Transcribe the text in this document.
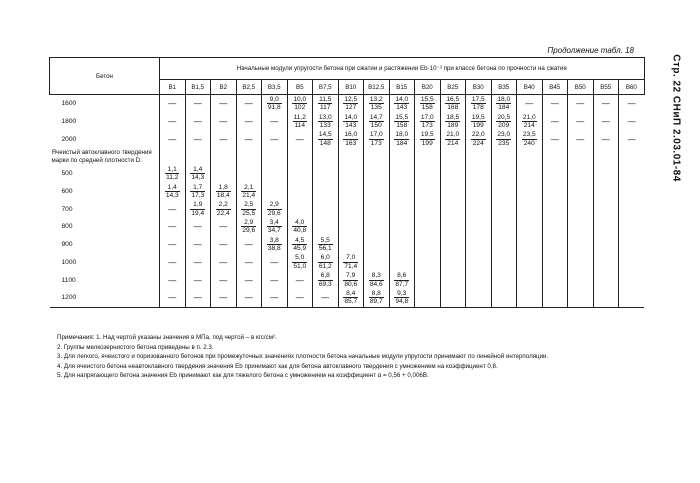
Продолжение табл. 18
Стр. 22 СНиП 2.03.01-84
Бетон	Начальные модули упругости бетона при сжатии и растяжении Eb·10⁻³ при классе бетона по прочности на сжатие																		
	B1	B1,5	B2	B2,5	B3,5	B5	B7,5	B10	B12,5	B15	B20	B25	B30	B35	B40	B45	B50	B55	B60
1600	—	—	—	—	$\frac{9,0}{91,8}$	$\frac{10,0}{102}$	$\frac{11,5}{117}$	$\frac{12,5}{127}$	$\frac{13,2}{135}$	$\frac{14,0}{143}$	$\frac{15,5}{158}$	$\frac{16,5}{168}$	$\frac{17,5}{178}$	$\frac{18,0}{184}$	—	—	—	—	—
1800	—	—	—	—	—	$\frac{11,2}{114}$	$\frac{13,0}{133}$	$\frac{14,0}{143}$	$\frac{14,7}{150}$	$\frac{15,5}{158}$	$\frac{17,0}{173}$	$\frac{18,5}{189}$	$\frac{19,5}{199}$	$\frac{20,5}{209}$	$\frac{21,0}{214}$	—	—	—	—
2000	—	—	—	—	—	—	$\frac{14,5}{148}$	$\frac{16,0}{163}$	$\frac{17,0}{173}$	$\frac{18,0}{184}$	$\frac{19,5}{199}$	$\frac{21,0}{214}$	$\frac{22,0}{224}$	$\frac{23,0}{235}$	$\frac{23,5}{240}$	—	—	—	—
Ячеистый автоклавного твердения марки по средней плотности D:																			
500	$\frac{1,1}{11,2}$	$\frac{1,4}{14,3}$

600	$\frac{1,4}{14,3}$	$\frac{1,7}{17,3}$	$\frac{1,8}{18,4}$	$\frac{2,1}{21,4}$

700	—	$\frac{1,9}{19,4}$	$\frac{2,2}{22,4}$	$\frac{2,5}{25,5}$	$\frac{2,9}{29,6}$

800	—	—	—	$\frac{2,9}{29,6}$	$\frac{3,4}{34,7}$	$\frac{4,0}{40,8}$

900	—	—	—	—	$\frac{3,8}{38,8}$	$\frac{4,5}{45,9}$	$\frac{5,5}{56,1}$

1000	—	—	—	—	—	$\frac{5,0}{51,0}$	$\frac{6,0}{61,2}$	$\frac{7,0}{71,4}$

1100	—	—	—	—	—	—	$\frac{6,8}{69,3}$	$\frac{7,9}{80,6}$	$\frac{8,3}{84,6}$	$\frac{8,6}{87,7}$

1200	—	—	—	—	—	—	—	$\frac{8,4}{85,7}$	$\frac{8,8}{89,7}$	$\frac{9,3}{94,8}$

Примечания: 1. Над чертой указаны значения в МПа, под чертой – в кгс/см².
2. Группы мелкозернистого бетона приведены в п. 2.3.
3. Для легкого, ячеистого и поризованного бетонов при промежуточных значениях плотности бетона начальные модули упругости принимают по линейной интерполяции.
4. Для ячеистого бетона неавтоклавного твердения значения Eb принимают как для бетона автоклавного твердения с умножением на коэффициент 0,8.
5. Для напрягающего бетона значения Eb принимают как для тяжелого бетона с умножением на коэффициент α = 0,56 + 0,006B.
